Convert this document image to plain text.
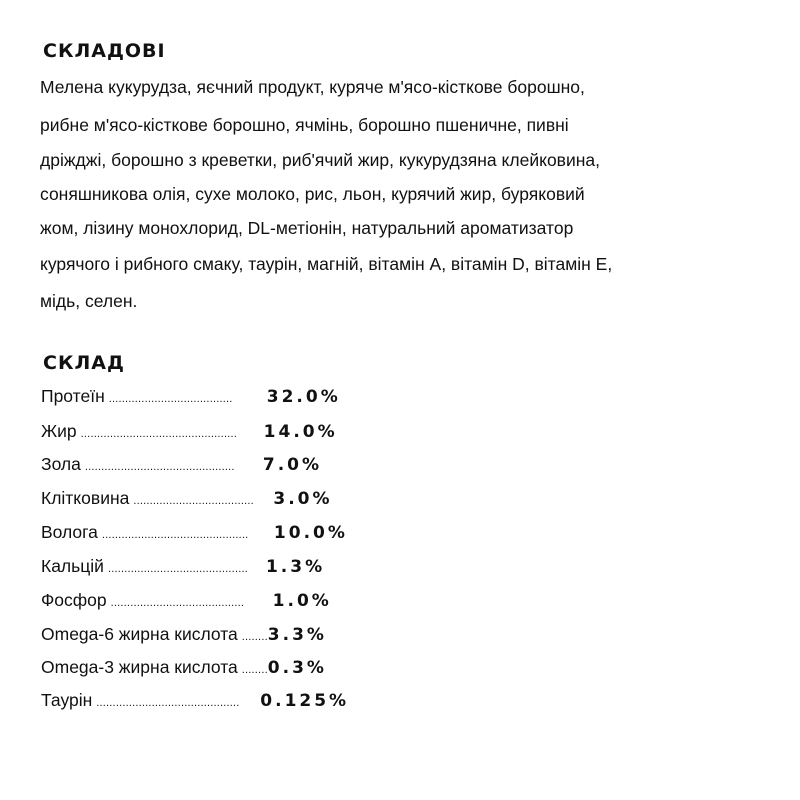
СКЛАДОВІ
Мелена кукурудза, яєчний продукт, куряче м'ясо-кісткове борошно,
рибне м'ясо-кісткове борошно, ячмінь, борошно пшеничне, пивні
дріжджі, борошно з креветки, риб'ячий жир, кукурудзяна клейковина,
соняшникова олія, сухе молоко, рис, льон, курячий жир, буряковий
жом, лізину монохлорид, DL-метіонін, натуральний ароматизатор
курячого і рибного смаку, таурін, магній, вітамін А, вітамін D, вітамін Е,
мідь, селен.
СКЛАД
Протеїн ......................................	32.0%
Жир ................................................	14.0%
Зола ..............................................	7.0%
Клітковина .....................................	3.0%
Волога .............................................	10.0%
Кальцій ...........................................	1.3%
Фосфор .........................................	1.0%
Omega-6 жирна кислота ........ 3.3%
Omega-3 жирна кислота ........ 0.3%
Таурін ............................................	0.125%
